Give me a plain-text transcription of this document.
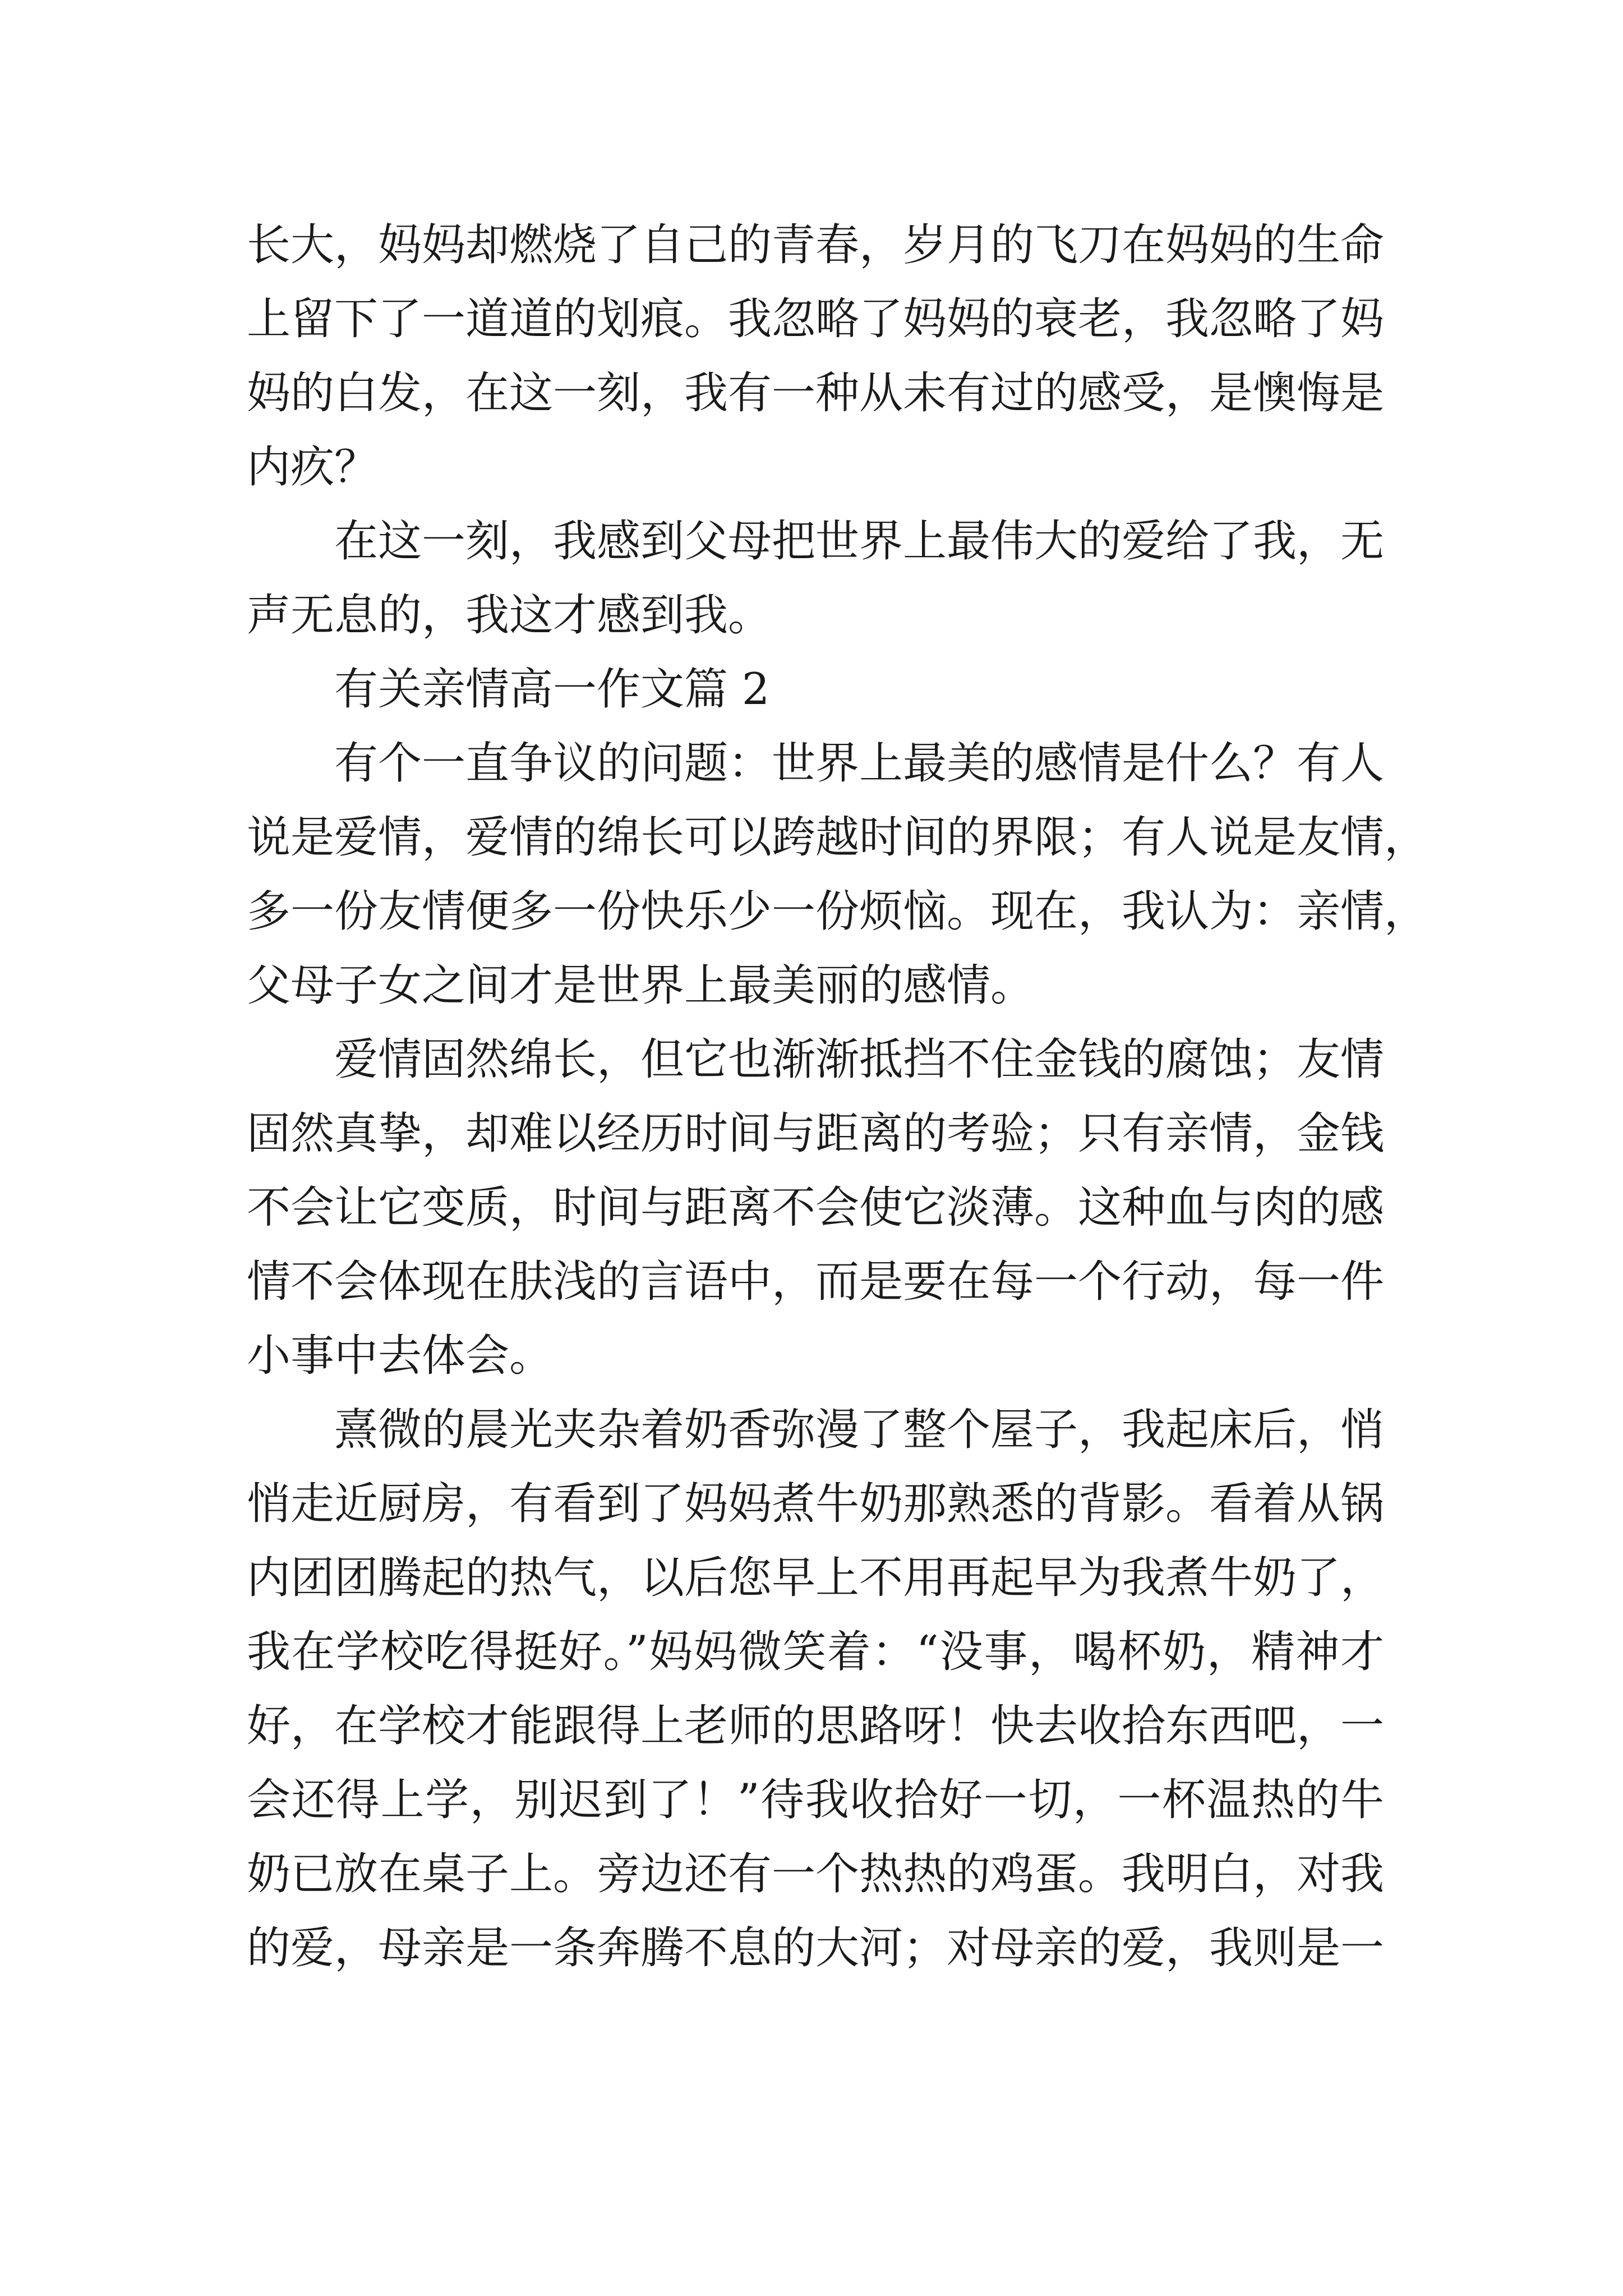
长大，妈妈却燃烧了自己的青春，岁月的飞刀在妈妈的生命
上留下了一道道的划痕。我忽略了妈妈的衰老，我忽略了妈
妈的白发，在这一刻，我有一种从未有过的感受，是懊悔是
内疚？
在这一刻，我感到父母把世界上最伟大的爱给了我，无
声无息的，我这才感到我。
有关亲情高一作文篇 2
有个一直争议的问题：世界上最美的感情是什么？有人
说是爱情，爱情的绵长可以跨越时间的界限；有人说是友情，
多一份友情便多一份快乐少一份烦恼。现在，我认为：亲情，
父母子女之间才是世界上最美丽的感情。
爱情固然绵长，但它也渐渐抵挡不住金钱的腐蚀；友情
固然真挚，却难以经历时间与距离的考验；只有亲情，金钱
不会让它变质，时间与距离不会使它淡薄。这种血与肉的感
情不会体现在肤浅的言语中，而是要在每一个行动，每一件
小事中去体会。
熹微的晨光夹杂着奶香弥漫了整个屋子，我起床后，悄
悄走近厨房，有看到了妈妈煮牛奶那熟悉的背影。看着从锅
内团团腾起的热气，以后您早上不用再起早为我煮牛奶了，
我在学校吃得挺好。”妈妈微笑着：“没事，喝杯奶，精神才
好，在学校才能跟得上老师的思路呀！快去收拾东西吧，一
会还得上学，别迟到了！”待我收拾好一切，一杯温热的牛
奶已放在桌子上。旁边还有一个热热的鸡蛋。我明白，对我
的爱，母亲是一条奔腾不息的大河；对母亲的爱，我则是一
